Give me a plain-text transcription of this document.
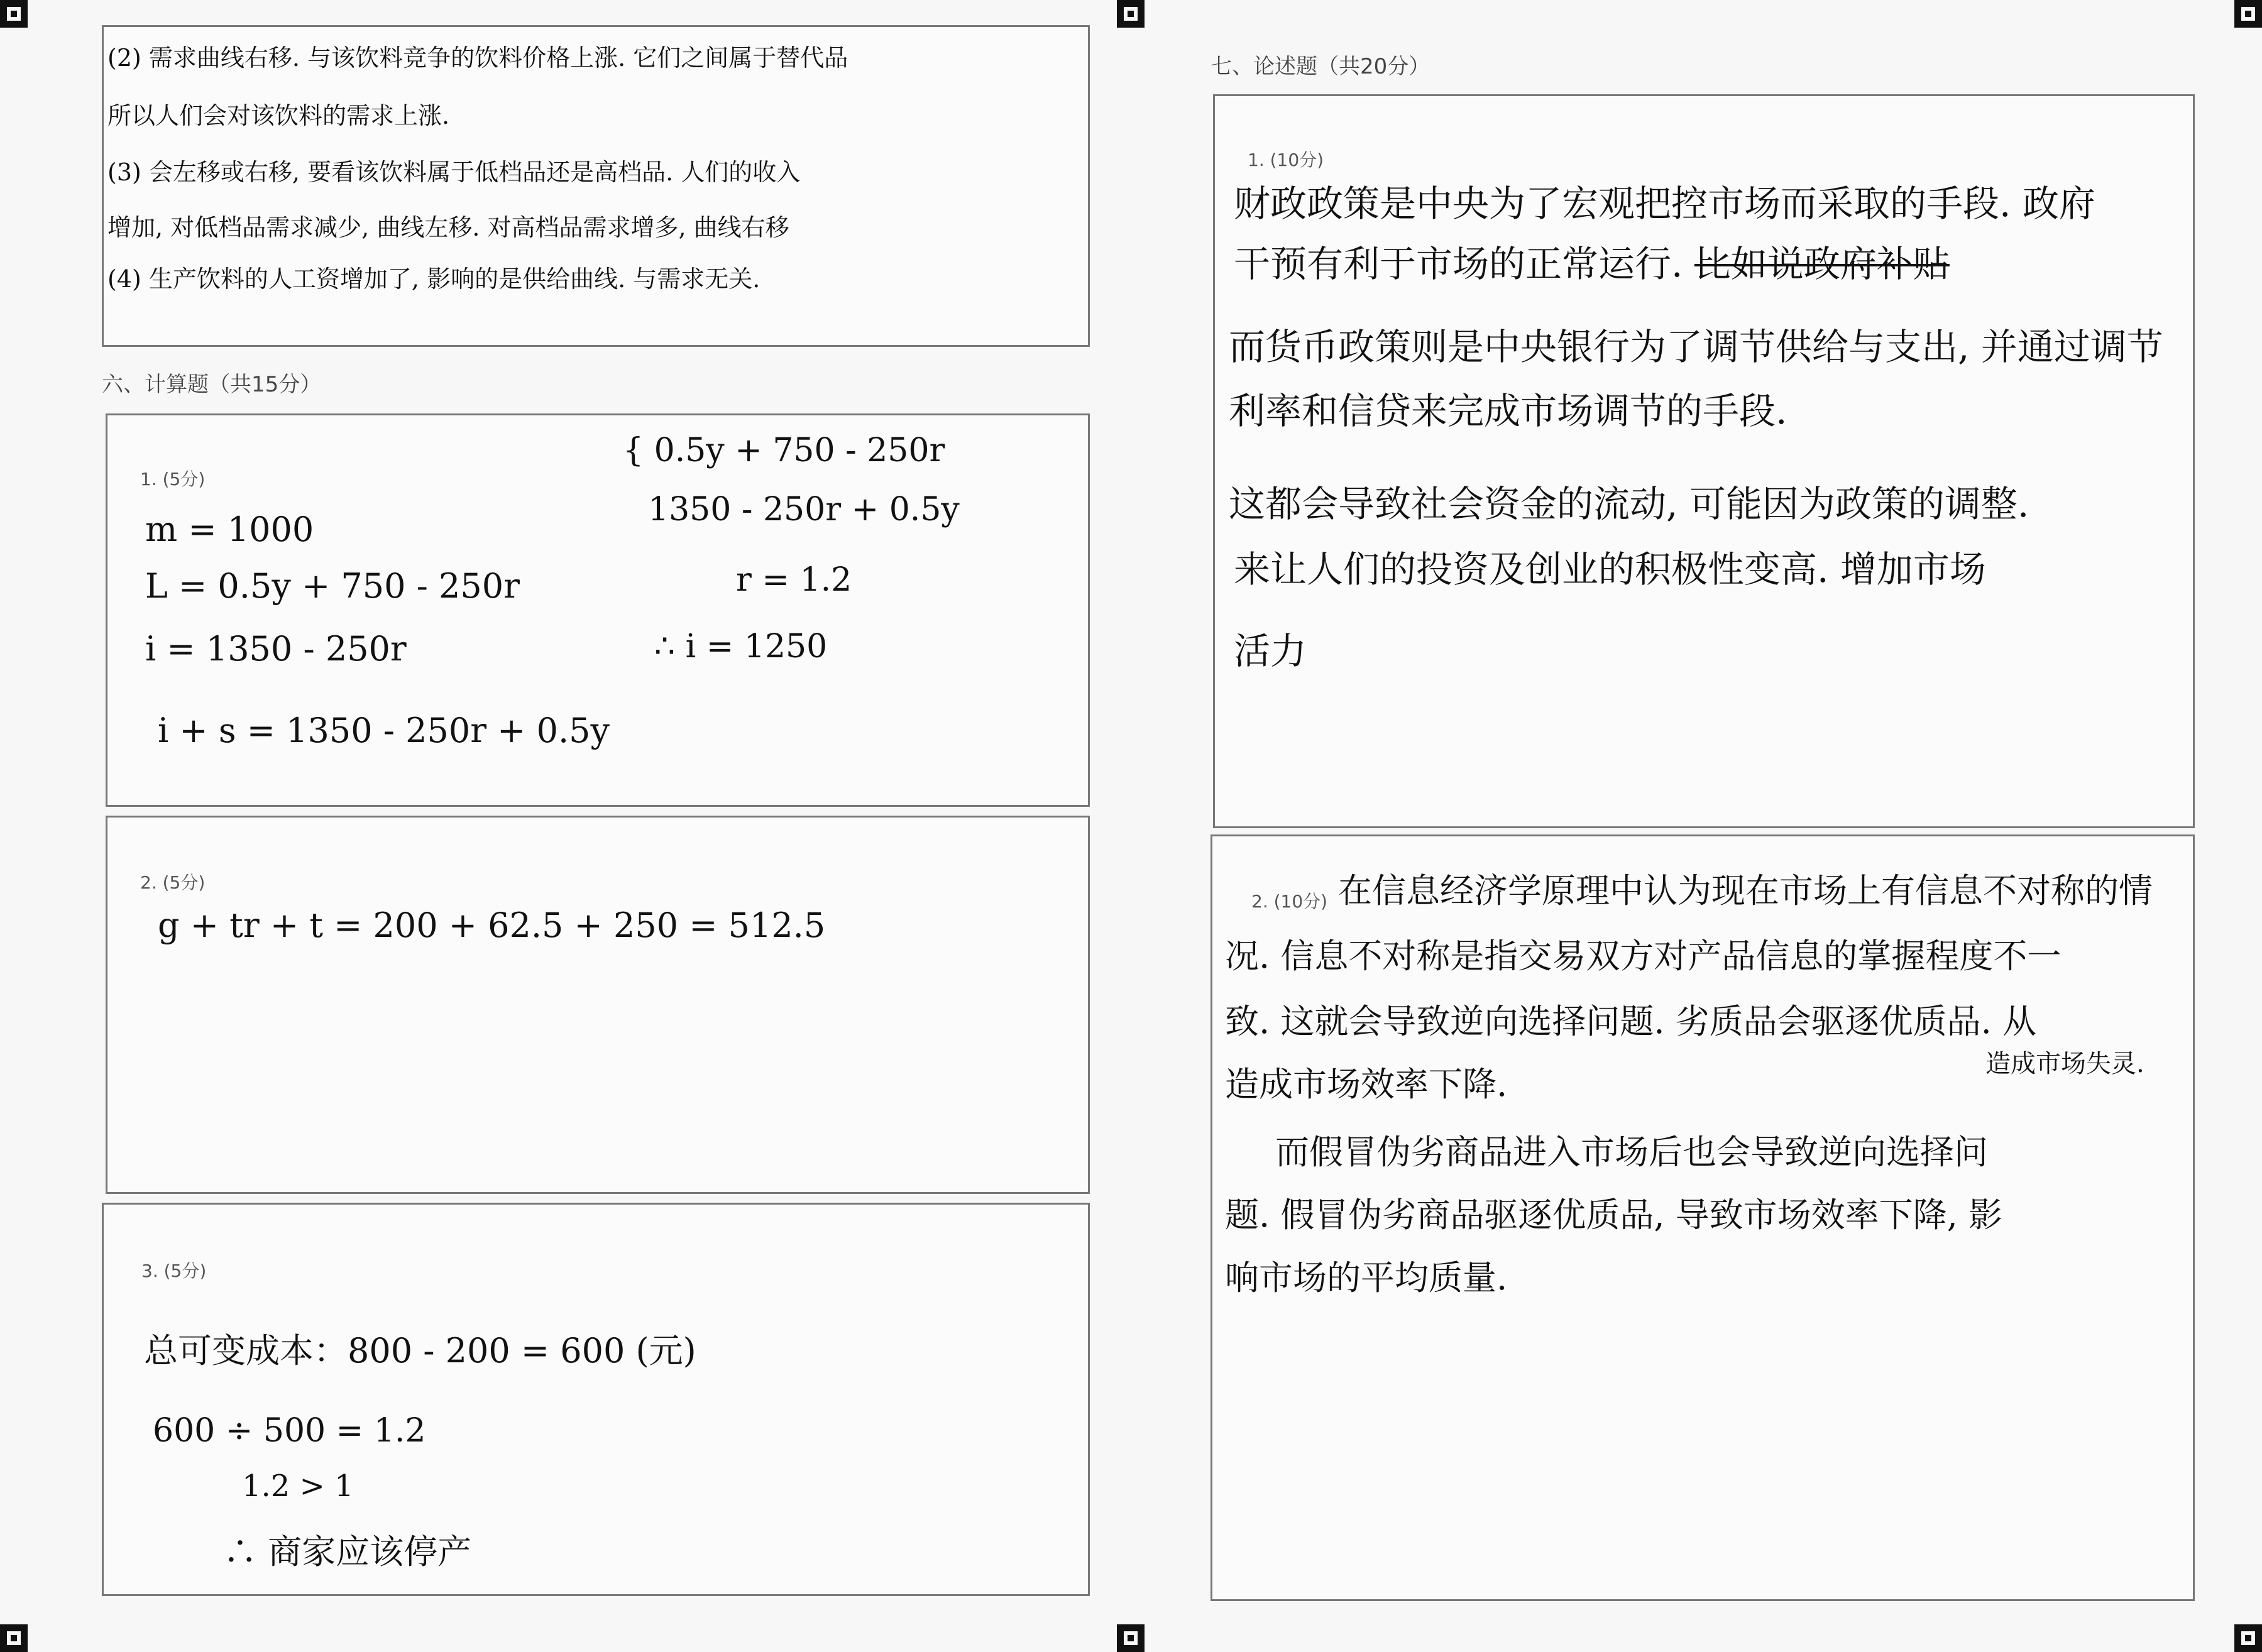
(2) 需求曲线右移. 与该饮料竞争的饮料价格上涨. 它们之间属于替代品
所以人们会对该饮料的需求上涨.
(3) 会左移或右移, 要看该饮料属于低档品还是高档品. 人们的收入
增加, 对低档品需求减少, 曲线左移. 对高档品需求增多, 曲线右移
(4) 生产饮料的人工资增加了, 影响的是供给曲线. 与需求无关.
六、计算题（共15分）
1. (5分)
m = 1000
L = 0.5y + 750 - 250r
i = 1350 - 250r
i + s = 1350 - 250r + 0.5y
{ 0.5y + 750 - 250r
1350 - 250r + 0.5y
r = 1.2
∴ i = 1250
2. (5分)
g + tr + t = 200 + 62.5 + 250 = 512.5
3. (5分)
总可变成本：800 - 200 = 600 (元)
600 ÷ 500 = 1.2
1.2 > 1
∴ 商家应该停产
七、论述题（共20分）
1. (10分)
财政政策是中央为了宏观把控市场而采取的手段. 政府
干预有利于市场的正常运行. 比如说政府补贴
而货币政策则是中央银行为了调节供给与支出, 并通过调节
利率和信贷来完成市场调节的手段.
这都会导致社会资金的流动, 可能因为政策的调整.
来让人们的投资及创业的积极性变高. 增加市场
活力
2. (10分) 在信息经济学原理中认为现在市场上有信息不对称的情
况. 信息不对称是指交易双方对产品信息的掌握程度不一
致. 这就会导致逆向选择问题. 劣质品会驱逐优质品. 从
造成市场效率下降.
造成市场失灵.
而假冒伪劣商品进入市场后也会导致逆向选择问
题. 假冒伪劣商品驱逐优质品, 导致市场效率下降, 影
响市场的平均质量.
